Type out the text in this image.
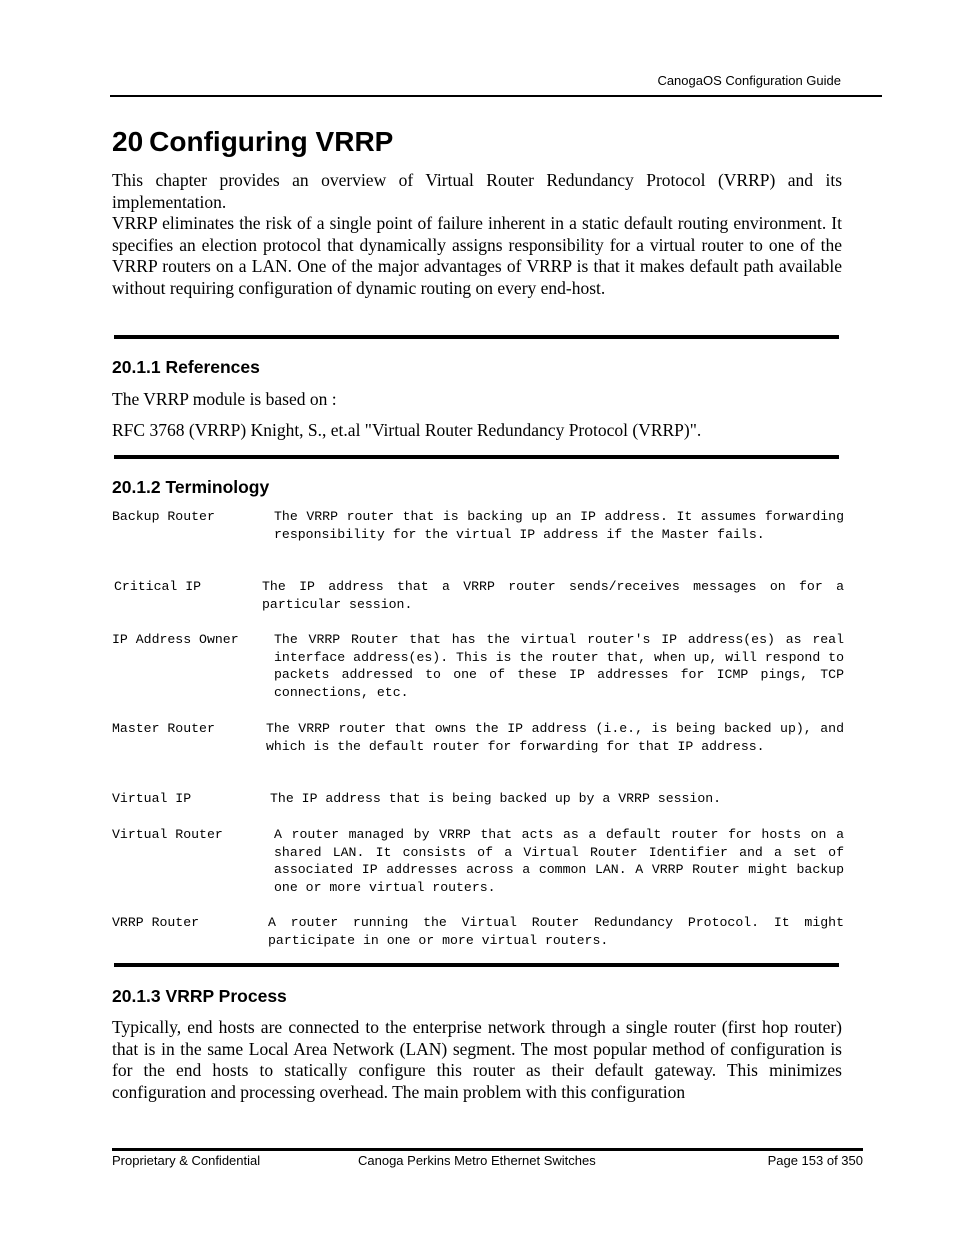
CanogaOS Configuration Guide
20 Configuring VRRP

This chapter provides an overview of Virtual Router Redundancy Protocol (VRRP) and its implementation.

VRRP eliminates the risk of a single point of failure inherent in a static default routing environment. It specifies an election protocol that dynamically assigns responsibility for a virtual router to one of the VRRP routers on a LAN. One of the major advantages of VRRP is that it makes default path available without requiring configuration of dynamic routing on every end-host.

20.1.1 References

The VRRP module is based on :

RFC 3768 (VRRP) Knight, S., et.al "Virtual Router Redundancy Protocol (VRRP)".

20.1.2 Terminology
Backup Router	The VRRP router that is backing up an IP address. It assumes forwarding responsibility for the virtual IP address if the Master fails.
Critical IP	The IP address that a VRRP router sends/receives messages on for a particular session.
IP Address Owner	The VRRP Router that has the virtual router's IP address(es) as real interface address(es). This is the router that, when up, will respond to packets addressed to one of these IP addresses for ICMP pings, TCP connections, etc.
Master Router	The VRRP router that owns the IP address (i.e., is being backed up), and which is the default router for forwarding for that IP address.
Virtual IP	The IP address that is being backed up by a VRRP session.
Virtual Router	A router managed by VRRP that acts as a default router for hosts on a shared LAN. It consists of a Virtual Router Identifier and a set of associated IP addresses across a common LAN. A VRRP Router might backup one or more virtual routers.
VRRP Router	A router running the Virtual Router Redundancy Protocol. It might participate in one or more virtual routers.
20.1.3 VRRP Process

Typically, end hosts are connected to the enterprise network through a single router (first hop router) that is in the same Local Area Network (LAN) segment. The most popular method of configuration is for the end hosts to statically configure this router as their default gateway. This minimizes configuration and processing overhead. The main problem with this configuration

Proprietary & Confidential	Canoga Perkins Metro Ethernet Switches	Page 153 of 350
